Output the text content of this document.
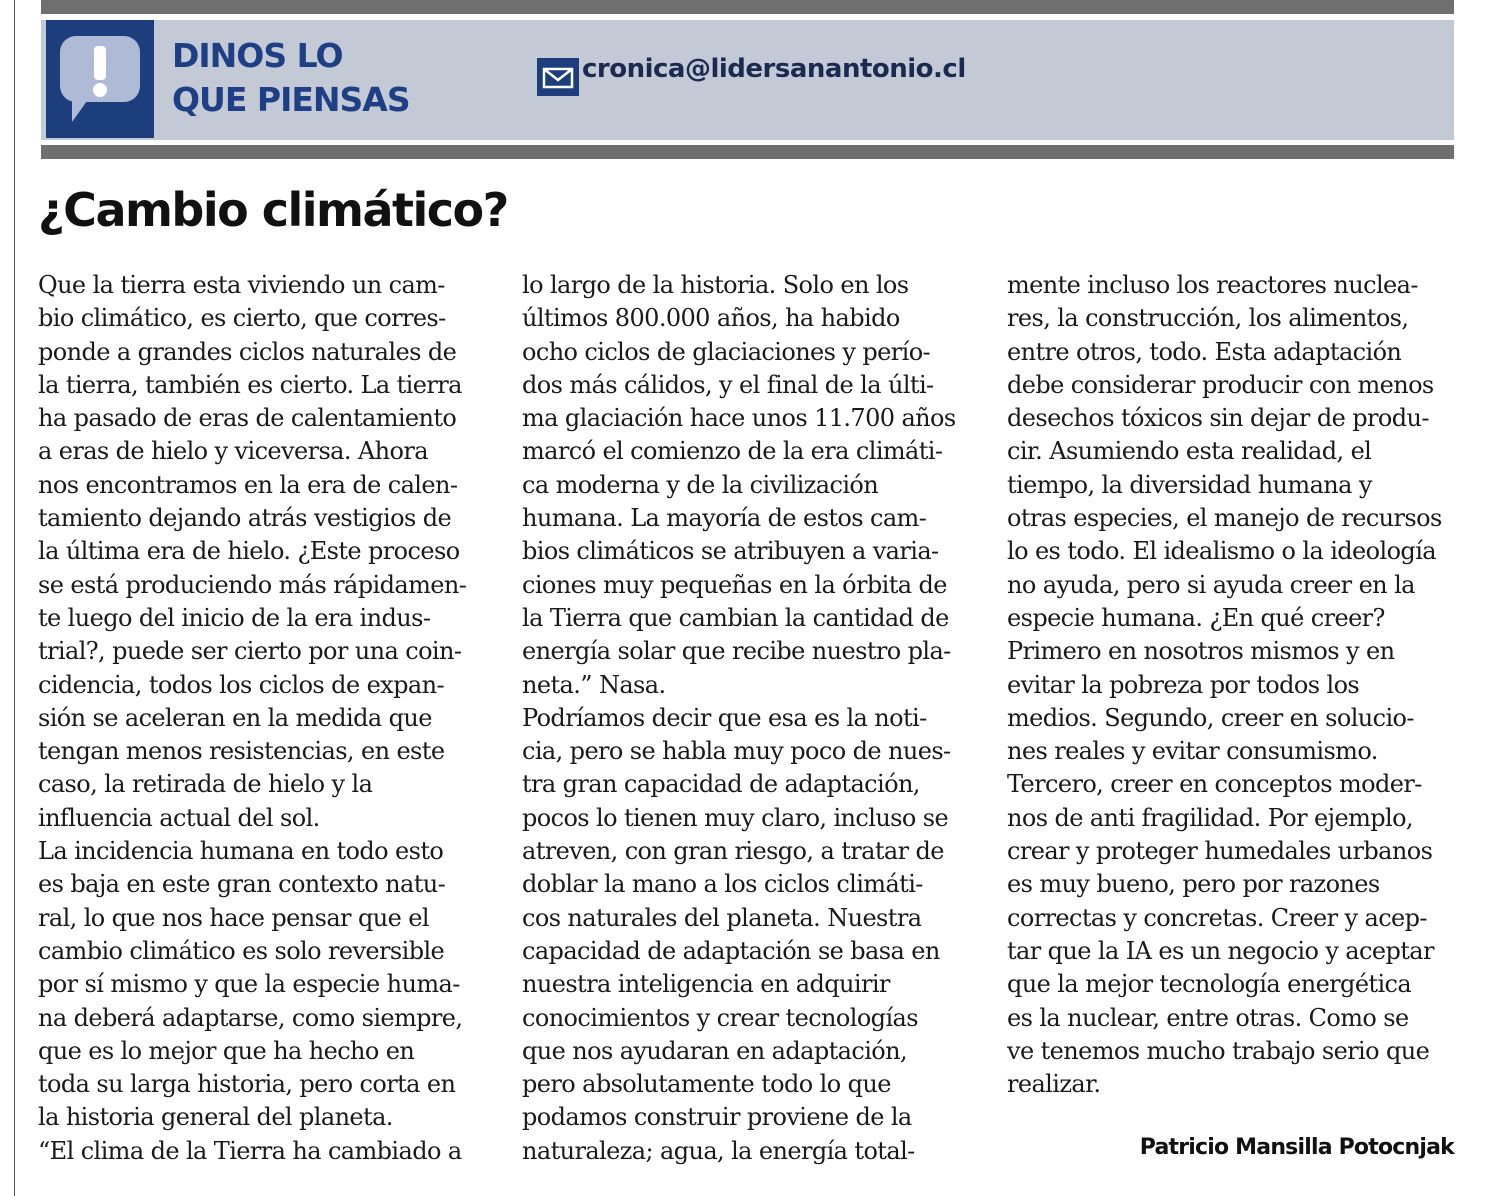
DINOS LO
QUE PIENSAS
cronica@lidersanantonio.cl
¿Cambio climático?
Que la tierra esta viviendo un cam-
bio climático, es cierto, que corres-
ponde a grandes ciclos naturales de
la tierra, también es cierto. La tierra
ha pasado de eras de calentamiento
a eras de hielo y viceversa. Ahora
nos encontramos en la era de calen-
tamiento dejando atrás vestigios de
la última era de hielo. ¿Este proceso
se está produciendo más rápidamen-
te luego del inicio de la era indus-
trial?, puede ser cierto por una coin-
cidencia, todos los ciclos de expan-
sión se aceleran en la medida que
tengan menos resistencias, en este
caso, la retirada de hielo y la
influencia actual del sol.
La incidencia humana en todo esto
es baja en este gran contexto natu-
ral, lo que nos hace pensar que el
cambio climático es solo reversible
por sí mismo y que la especie huma-
na deberá adaptarse, como siempre,
que es lo mejor que ha hecho en
toda su larga historia, pero corta en
la historia general del planeta.
“El clima de la Tierra ha cambiado a
lo largo de la historia. Solo en los
últimos 800.000 años, ha habido
ocho ciclos de glaciaciones y perío-
dos más cálidos, y el final de la últi-
ma glaciación hace unos 11.700 años
marcó el comienzo de la era climáti-
ca moderna y de la civilización
humana. La mayoría de estos cam-
bios climáticos se atribuyen a varia-
ciones muy pequeñas en la órbita de
la Tierra que cambian la cantidad de
energía solar que recibe nuestro pla-
neta.” Nasa.
Podríamos decir que esa es la noti-
cia, pero se habla muy poco de nues-
tra gran capacidad de adaptación,
pocos lo tienen muy claro, incluso se
atreven, con gran riesgo, a tratar de
doblar la mano a los ciclos climáti-
cos naturales del planeta. Nuestra
capacidad de adaptación se basa en
nuestra inteligencia en adquirir
conocimientos y crear tecnologías
que nos ayudaran en adaptación,
pero absolutamente todo lo que
podamos construir proviene de la
naturaleza; agua, la energía total-
mente incluso los reactores nuclea-
res, la construcción, los alimentos,
entre otros, todo. Esta adaptación
debe considerar producir con menos
desechos tóxicos sin dejar de produ-
cir. Asumiendo esta realidad, el
tiempo, la diversidad humana y
otras especies, el manejo de recursos
lo es todo. El idealismo o la ideología
no ayuda, pero si ayuda creer en la
especie humana. ¿En qué creer?
Primero en nosotros mismos y en
evitar la pobreza por todos los
medios. Segundo, creer en solucio-
nes reales y evitar consumismo.
Tercero, creer en conceptos moder-
nos de anti fragilidad. Por ejemplo,
crear y proteger humedales urbanos
es muy bueno, pero por razones
correctas y concretas. Creer y acep-
tar que la IA es un negocio y aceptar
que la mejor tecnología energética
es la nuclear, entre otras. Como se
ve tenemos mucho trabajo serio que
realizar.
Patricio Mansilla Potocnjak
